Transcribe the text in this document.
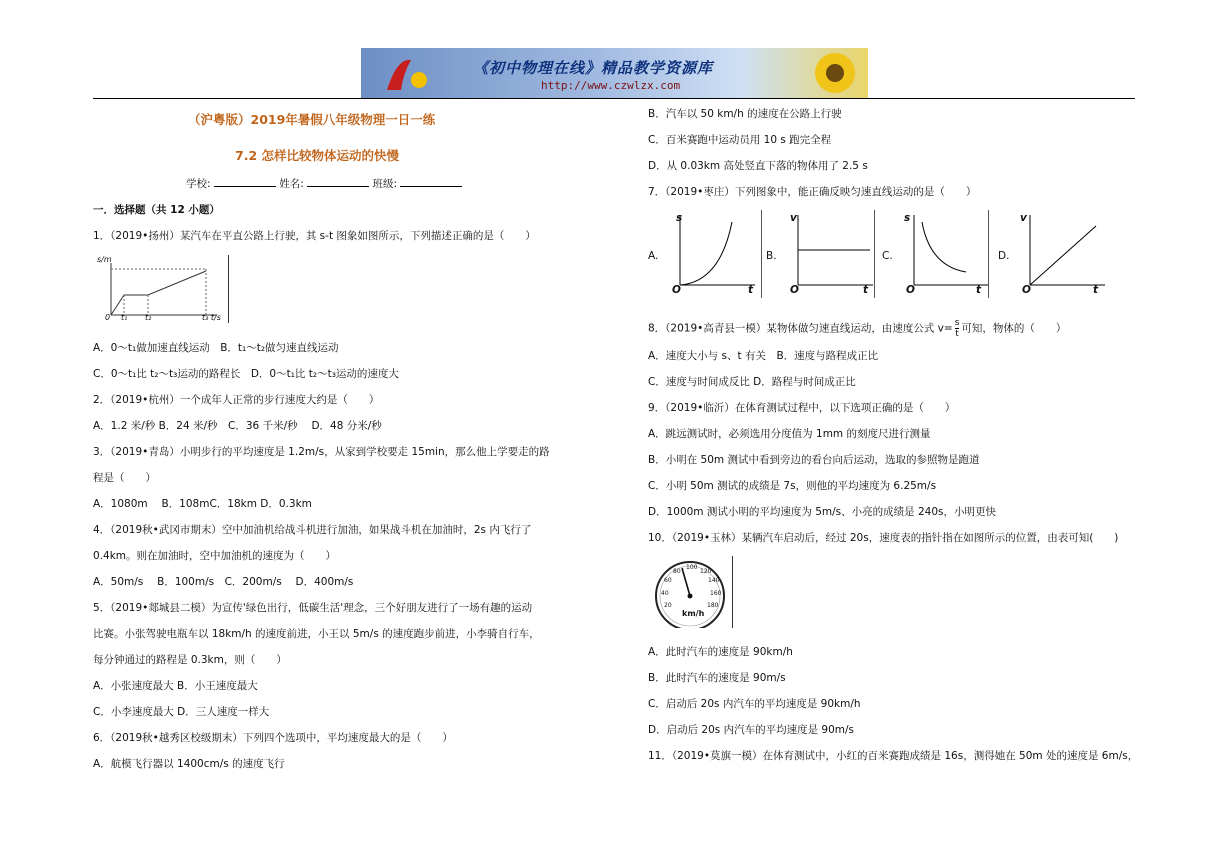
《初中物理在线》精品教学资源库
http://www.czwlzx.com
（沪粤版）2019年暑假八年级物理一日一练
7.2 怎样比较物体运动的快慢
学校:	姓名:	班级:
一．选择题（共 12 小题）
1．（2019•扬州）某汽车在平直公路上行驶，其 s-t 图象如图所示，下列描述正确的是（　　）
s/m
0 t₁ t₂	t₃ t/s
A．0～t₁做加速直线运动　B．t₁～t₂做匀速直线运动
C．0～t₁比 t₂～t₃运动的路程长　D．0～t₁比 t₂～t₃运动的速度大
2．（2019•杭州）一个成年人正常的步行速度大约是（　　）
A．1.2 米/秒 B．24 米/秒　C．36 千米/秒　 D．48 分米/秒
3．（2019•青岛）小明步行的平均速度是 1.2m/s，从家到学校要走 15min，那么他上学要走的路
程是（　　）
A．1080m　 B．108mC．18km D．0.3km
4．（2019秋•武冈市期末）空中加油机给战斗机进行加油，如果战斗机在加油时，2s 内飞行了
0.4km。则在加油时，空中加油机的速度为（　　）
A．50m/s　 B．100m/s　C．200m/s　 D．400m/s
5．（2019•郯城县二模）为宣传'绿色出行，低碳生活'理念，三个好朋友进行了一场有趣的运动
比赛。小张驾驶电瓶车以 18km/h 的速度前进，小王以 5m/s 的速度跑步前进，小李骑自行车，
每分钟通过的路程是 0.3km，则（　　）
A．小张速度最大 B．小王速度最大
C．小李速度最大 D．三人速度一样大
6．（2019秋•越秀区校级期末）下列四个选项中，平均速度最大的是（　　）
A．航模飞行器以 1400cm/s 的速度飞行
B．汽车以 50 km/h 的速度在公路上行驶
C．百米赛跑中运动员用 10 s 跑完全程
D．从 0.03km 高处竖直下落的物体用了 2.5 s
7．（2019•枣庄）下列图象中，能正确反映匀速直线运动的是（　　）
A.
s
t
O
B.
v
t
O
C.
s
t
O
D.
v
t
O
8．（2019•高青县一模）某物体做匀速直线运动，由速度公式 $v= \frac{s}{t}$ 可知，物体的（　　）
A．速度大小与 s、t 有关　B．速度与路程成正比
C．速度与时间成反比 D．路程与时间成正比
9．（2019•临沂）在体育测试过程中，以下选项正确的是（　　）
A．跳远测试时，必须选用分度值为 1mm 的刻度尺进行测量
B．小明在 50m 测试中看到旁边的看台向后运动，选取的参照物是跑道
C．小明 50m 测试的成绩是 7s，则他的平均速度为 6.25m/s
D．1000m 测试小明的平均速度为 5m/s、小亮的成绩是 240s，小明更快
10．（2019•玉林）某辆汽车启动后，经过 20s，速度表的指针指在如图所示的位置，由表可知(　　)
20
40
60
80
100
120
140
160
180
km/h
A．此时汽车的速度是 90km/h
B．此时汽车的速度是 90m/s
C．启动后 20s 内汽车的平均速度是 90km/h
D．启动后 20s 内汽车的平均速度是 90m/s
11．（2019•莫旗一模）在体育测试中，小红的百米赛跑成绩是 16s，测得她在 50m 处的速度是 6m/s，
